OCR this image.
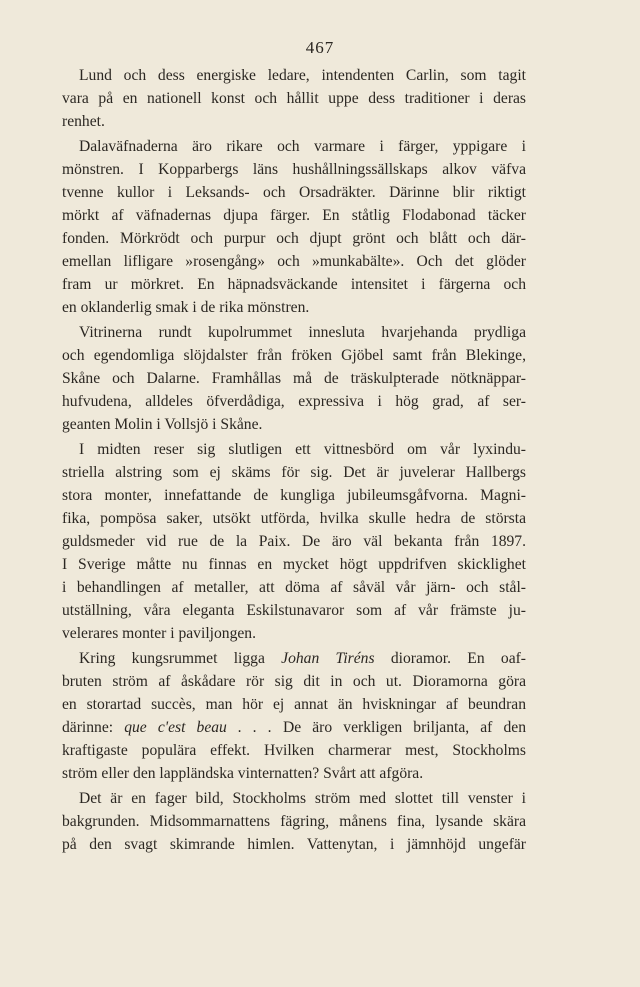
467
Lund och dess energiske ledare, intendenten Carlin, som tagit
vara på en nationell konst och hållit uppe dess traditioner i deras
renhet.
Dalaväfnaderna äro rikare och varmare i färger, yppigare i
mönstren. I Kopparbergs läns hushållningssällskaps alkov väfva
tvenne kullor i Leksands- och Orsadräkter. Därinne blir riktigt
mörkt af väfnadernas djupa färger. En ståtlig Flodabonad täcker
fonden. Mörkrödt och purpur och djupt grönt och blått och där-
emellan lifligare »rosengång» och »munkabälte». Och det glöder
fram ur mörkret. En häpnadsväckande intensitet i färgerna och
en oklanderlig smak i de rika mönstren.
Vitrinerna rundt kupolrummet innesluta hvarjehanda prydliga
och egendomliga slöjdalster från fröken Gjöbel samt från Blekinge,
Skåne och Dalarne. Framhållas må de träskulpterade nötknäppar-
hufvudena, alldeles öfverdådiga, expressiva i hög grad, af ser-
geanten Molin i Vollsjö i Skåne.
I midten reser sig slutligen ett vittnesbörd om vår lyxindu-
striella alstring som ej skäms för sig. Det är juvelerar Hallbergs
stora monter, innefattande de kungliga jubileumsgåfvorna. Magni-
fika, pompösa saker, utsökt utförda, hvilka skulle hedra de största
guldsmeder vid rue de la Paix. De äro väl bekanta från 1897.
I Sverige måtte nu finnas en mycket högt uppdrifven skicklighet
i behandlingen af metaller, att döma af såväl vår järn- och stål-
utställning, våra eleganta Eskilstunavaror som af vår främste ju-
velerares monter i paviljongen.
Kring kungsrummet ligga Johan Tiréns dioramor. En oaf-
bruten ström af åskådare rör sig dit in och ut. Dioramorna göra
en storartad succès, man hör ej annat än hviskningar af beundran
därinne: que c'est beau . . . De äro verkligen briljanta, af den
kraftigaste populära effekt. Hvilken charmerar mest, Stockholms
ström eller den lappländska vinternatten? Svårt att afgöra.
Det är en fager bild, Stockholms ström med slottet till venster i
bakgrunden. Midsommarnattens fägring, månens fina, lysande skära
på den svagt skimrande himlen. Vattenytan, i jämnhöjd ungefär
